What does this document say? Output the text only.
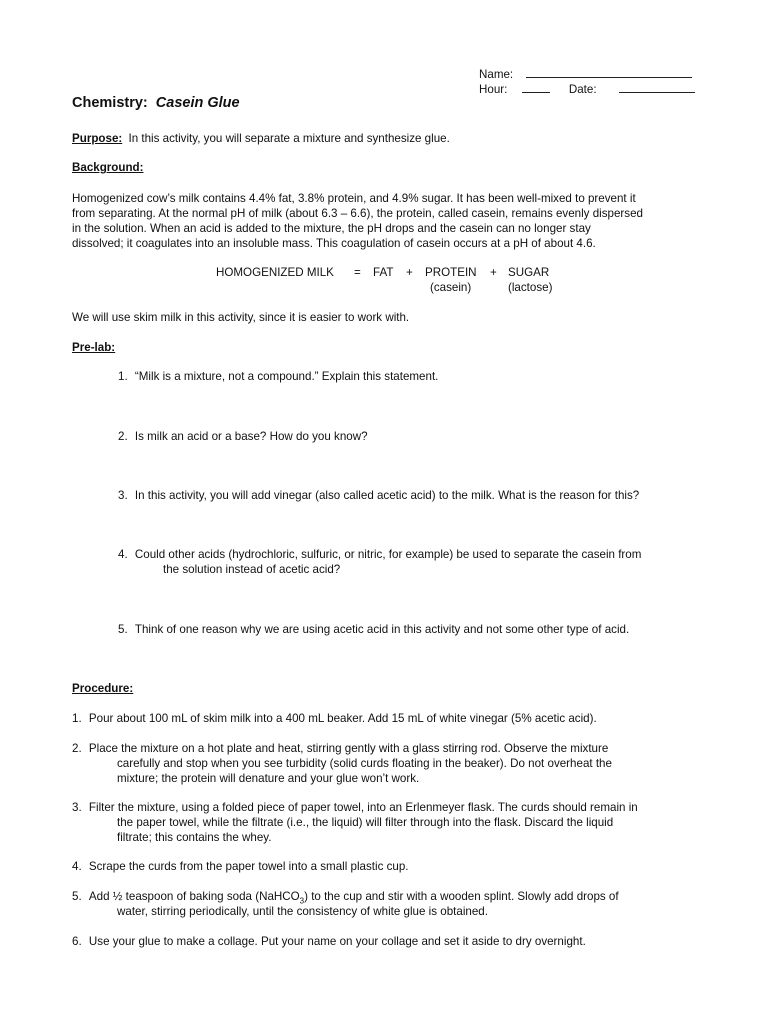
Name:
Hour:	Date:
Chemistry: Casein Glue
Purpose: In this activity, you will separate a mixture and synthesize glue.
Background:
Homogenized cow’s milk contains 4.4% fat, 3.8% protein, and 4.9% sugar. It has been well-mixed to prevent it
from separating. At the normal pH of milk (about 6.3 – 6.6), the protein, called casein, remains evenly dispersed
in the solution. When an acid is added to the mixture, the pH drops and the casein can no longer stay
dissolved; it coagulates into an insoluble mass. This coagulation of casein occurs at a pH of about 4.6.
HOMOGENIZED MILK = FAT + PROTEIN + SUGAR
(casein)	(lactose)
We will use skim milk in this activity, since it is easier to work with.
Pre-lab:
1. “Milk is a mixture, not a compound.” Explain this statement.
2. Is milk an acid or a base? How do you know?
3. In this activity, you will add vinegar (also called acetic acid) to the milk. What is the reason for this?
4. Could other acids (hydrochloric, sulfuric, or nitric, for example) be used to separate the casein from
the solution instead of acetic acid?
5. Think of one reason why we are using acetic acid in this activity and not some other type of acid.
Procedure:
1. Pour about 100 mL of skim milk into a 400 mL beaker. Add 15 mL of white vinegar (5% acetic acid).
2. Place the mixture on a hot plate and heat, stirring gently with a glass stirring rod. Observe the mixture
carefully and stop when you see turbidity (solid curds floating in the beaker). Do not overheat the
mixture; the protein will denature and your glue won’t work.
3. Filter the mixture, using a folded piece of paper towel, into an Erlenmeyer flask. The curds should remain in
the paper towel, while the filtrate (i.e., the liquid) will filter through into the flask. Discard the liquid
filtrate; this contains the whey.
4. Scrape the curds from the paper towel into a small plastic cup.
5. Add ½ teaspoon of baking soda (NaHCO$_3$) to the cup and stir with a wooden splint. Slowly add drops of
water, stirring periodically, until the consistency of white glue is obtained.
6. Use your glue to make a collage. Put your name on your collage and set it aside to dry overnight.
